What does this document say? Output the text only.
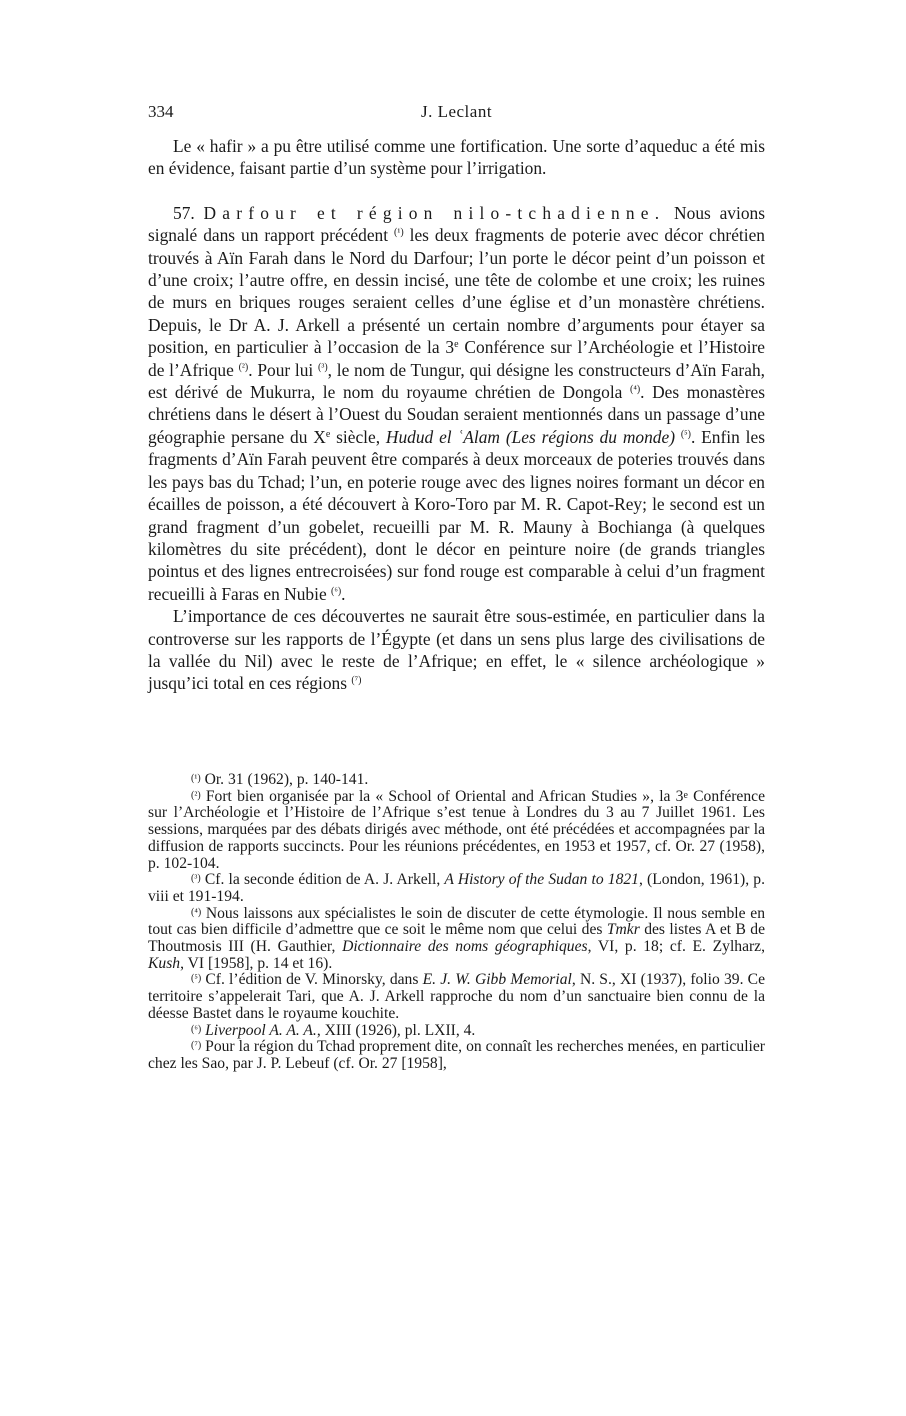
334	J. Leclant

Le « hafir » a pu être utilisé comme une fortification. Une sorte d’aqueduc a été mis en évidence, faisant partie d’un système pour l’irrigation.

57. Darfour et région nilo-tchadienne. Nous avions signalé dans un rapport précédent $^{(^1)}$ les deux fragments de poterie avec décor chrétien trouvés à Aïn Farah dans le Nord du Darfour; l’un porte le décor peint d’un poisson et d’une croix; l’autre offre, en dessin incisé, une tête de colombe et une croix; les ruines de murs en briques rouges seraient celles d’une église et d’un monastère chrétiens. Depuis, le Dr A. J. Arkell a présenté un certain nombre d’arguments pour étayer sa position, en particulier à l’occasion de la 3e Conférence sur l’Archéologie et l’Histoire de l’Afrique $^{(^2)}$. Pour lui $^{(^3)}$, le nom de Tungur, qui désigne les constructeurs d’Aïn Farah, est dérivé de Mukurra, le nom du royaume chrétien de Dongola $^{(^4)}$. Des monastères chrétiens dans le désert à l’Ouest du Soudan seraient mentionnés dans un passage d’une géographie persane du Xe siècle, Hudud el ʿAlam (Les régions du monde) $^{(^5)}$. Enfin les fragments d’Aïn Farah peuvent être comparés à deux morceaux de poteries trouvés dans les pays bas du Tchad; l’un, en poterie rouge avec des lignes noires formant un décor en écailles de poisson, a été découvert à Koro-Toro par M. R. Capot-Rey; le second est un grand fragment d’un gobelet, recueilli par M. R. Mauny à Bochianga (à quelques kilomètres du site précédent), dont le décor en peinture noire (de grands triangles pointus et des lignes entrecroisées) sur fond rouge est comparable à celui d’un fragment recueilli à Faras en Nubie $^{(^6)}$.

L’importance de ces découvertes ne saurait être sous-estimée, en particulier dans la controverse sur les rapports de l’Égypte (et dans un sens plus large des civilisations de la vallée du Nil) avec le reste de l’Afrique; en effet, le « silence archéologique » jusqu’ici total en ces régions $^{(^7)}$

$^{(^1)}$ Or. 31 (1962), p. 140-141.

$^{(^2)}$ Fort bien organisée par la « School of Oriental and African Studies », la 3e Conférence sur l’Archéologie et l’Histoire de l’Afrique s’est tenue à Londres du 3 au 7 Juillet 1961. Les sessions, marquées par des débats dirigés avec méthode, ont été précédées et accompagnées par la diffusion de rapports succincts. Pour les réunions précédentes, en 1953 et 1957, cf. Or. 27 (1958), p. 102-104.

$^{(^3)}$ Cf. la seconde édition de A. J. Arkell, A History of the Sudan to 1821, (London, 1961), p. viii et 191-194.

$^{(^4)}$ Nous laissons aux spécialistes le soin de discuter de cette étymologie. Il nous semble en tout cas bien difficile d’admettre que ce soit le même nom que celui des Tmkr des listes A et B de Thoutmosis III (H. Gauthier, Dictionnaire des noms géographiques, VI, p. 18; cf. E. Zylharz, Kush, VI [1958], p. 14 et 16).

$^{(^5)}$ Cf. l’édition de V. Minorsky, dans E. J. W. Gibb Memorial, N. S., XI (1937), folio 39. Ce territoire s’appelerait Tari, que A. J. Arkell rapproche du nom d’un sanctuaire bien connu de la déesse Bastet dans le royaume kouchite.

$^{(^6)}$ Liverpool A. A. A., XIII (1926), pl. LXII, 4.

$^{(^7)}$ Pour la région du Tchad proprement dite, on connaît les recherches menées, en particulier chez les Sao, par J. P. Lebeuf (cf. Or. 27 [1958],
